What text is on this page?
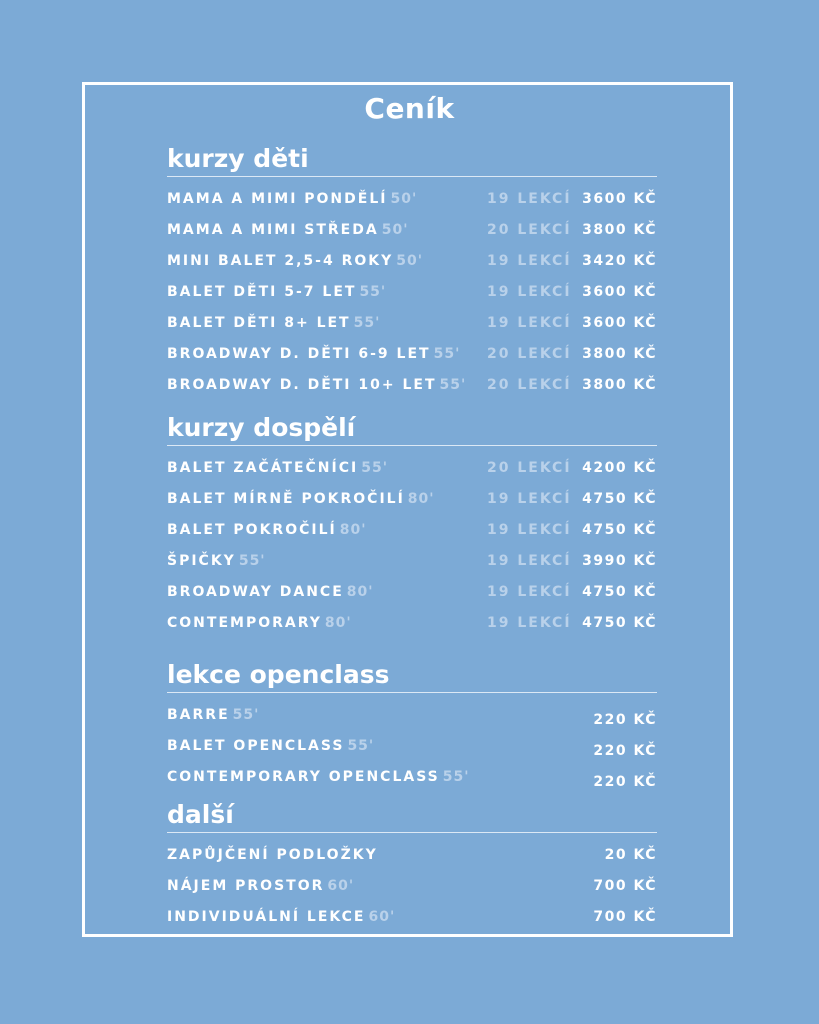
Ceník
kurzy děti
MAMA A MIMI PONDĚLÍ 50'	19 LEKCÍ 3600 KČ
MAMA A MIMI STŘEDA 50'	20 LEKCÍ 3800 KČ
MINI BALET 2,5-4 ROKY 50'	19 LEKCÍ 3420 KČ
BALET DĚTI 5-7 LET 55'	19 LEKCÍ 3600 KČ
BALET DĚTI 8+ LET 55'	19 LEKCÍ 3600 KČ
BROADWAY D. DĚTI 6-9 LET 55' 20 LEKCÍ 3800 KČ
BROADWAY D. DĚTI 10+ LET 55' 20 LEKCÍ 3800 KČ
kurzy dospělí
BALET ZAČÁTEČNÍCI 55'	20 LEKCÍ 4200 KČ
BALET MÍRNĚ POKROČILÍ 80'	19 LEKCÍ 4750 KČ
BALET POKROČILÍ 80'	19 LEKCÍ 4750 KČ
ŠPIČKY 55'	19 LEKCÍ 3990 KČ
BROADWAY DANCE 80'	19 LEKCÍ 4750 KČ
CONTEMPORARY 80'	19 LEKCÍ 4750 KČ
lekce openclass
BARRE 55'	220 KČ
BALET OPENCLASS 55'	220 KČ
CONTEMPORARY OPENCLASS 55'	220 KČ
další
ZAPŮJČENÍ PODLOŽKY	20 KČ
NÁJEM PROSTOR 60'	700 KČ
INDIVIDUÁLNÍ LEKCE 60'	700 KČ
